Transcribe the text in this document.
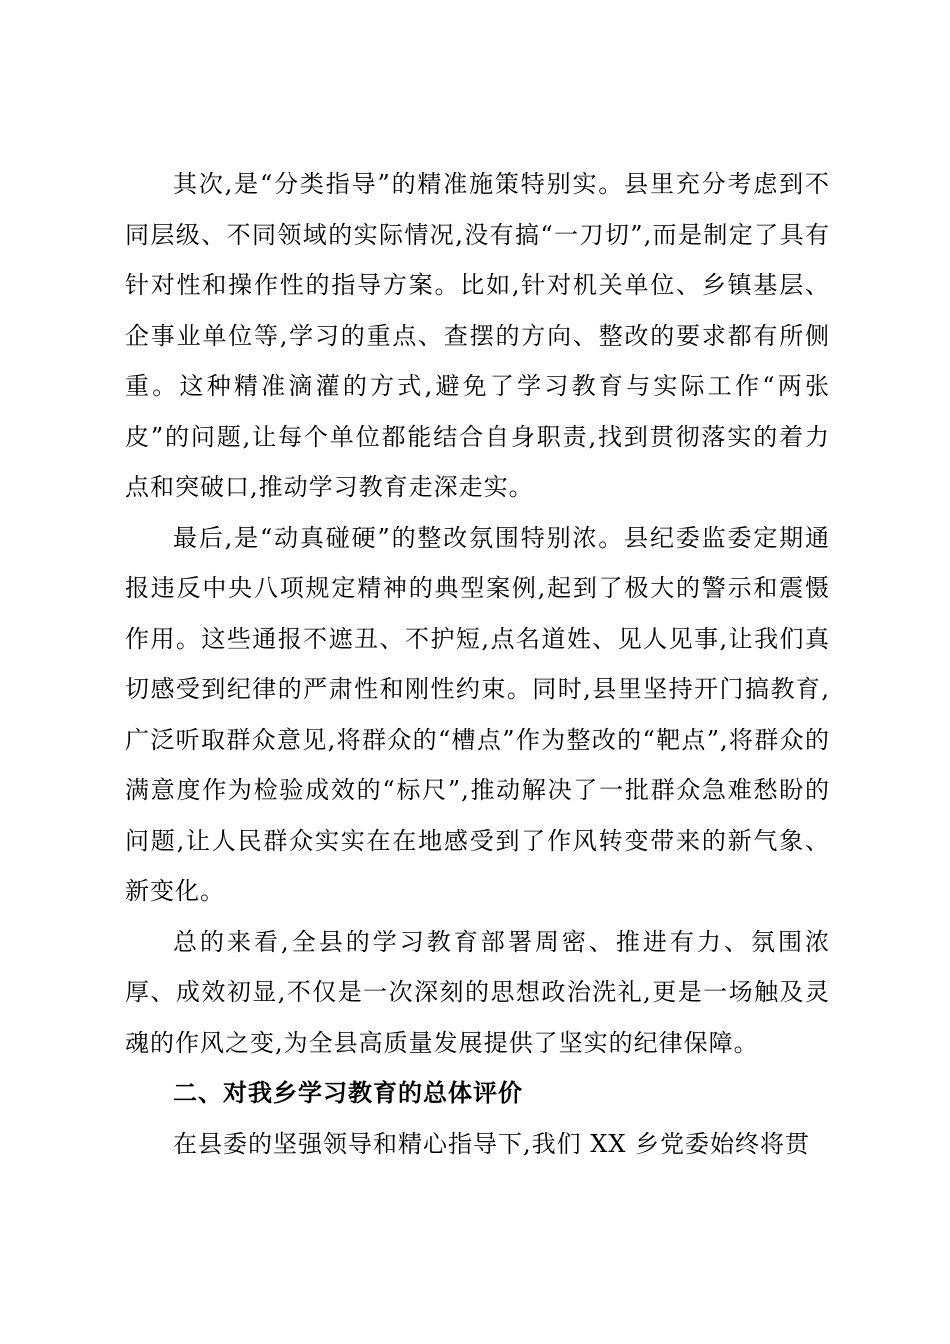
其次,是“分类指导”的精准施策特别实。县里充分考虑到不同层级、不同领域的实际情况,没有搞“一刀切”,而是制定了具有针对性和操作性的指导方案。比如,针对机关单位、乡镇基层、企事业单位等,学习的重点、查摆的方向、整改的要求都有所侧重。这种精准滴灌的方式,避免了学习教育与实际工作“两张皮”的问题,让每个单位都能结合自身职责,找到贯彻落实的着力点和突破口,推动学习教育走深走实。

最后,是“动真碰硬”的整改氛围特别浓。县纪委监委定期通报违反中央八项规定精神的典型案例,起到了极大的警示和震慑作用。这些通报不遮丑、不护短,点名道姓、见人见事,让我们真切感受到纪律的严肃性和刚性约束。同时,县里坚持开门搞教育,广泛听取群众意见,将群众的“槽点”作为整改的“靶点”,将群众的满意度作为检验成效的“标尺”,推动解决了一批群众急难愁盼的问题,让人民群众实实在在地感受到了作风转变带来的新气象、新变化。

总的来看,全县的学习教育部署周密、推进有力、氛围浓厚、成效初显,不仅是一次深刻的思想政治洗礼,更是一场触及灵魂的作风之变,为全县高质量发展提供了坚实的纪律保障。

二、对我乡学习教育的总体评价

在县委的坚强领导和精心指导下,我们 XX 乡党委始终将贯
